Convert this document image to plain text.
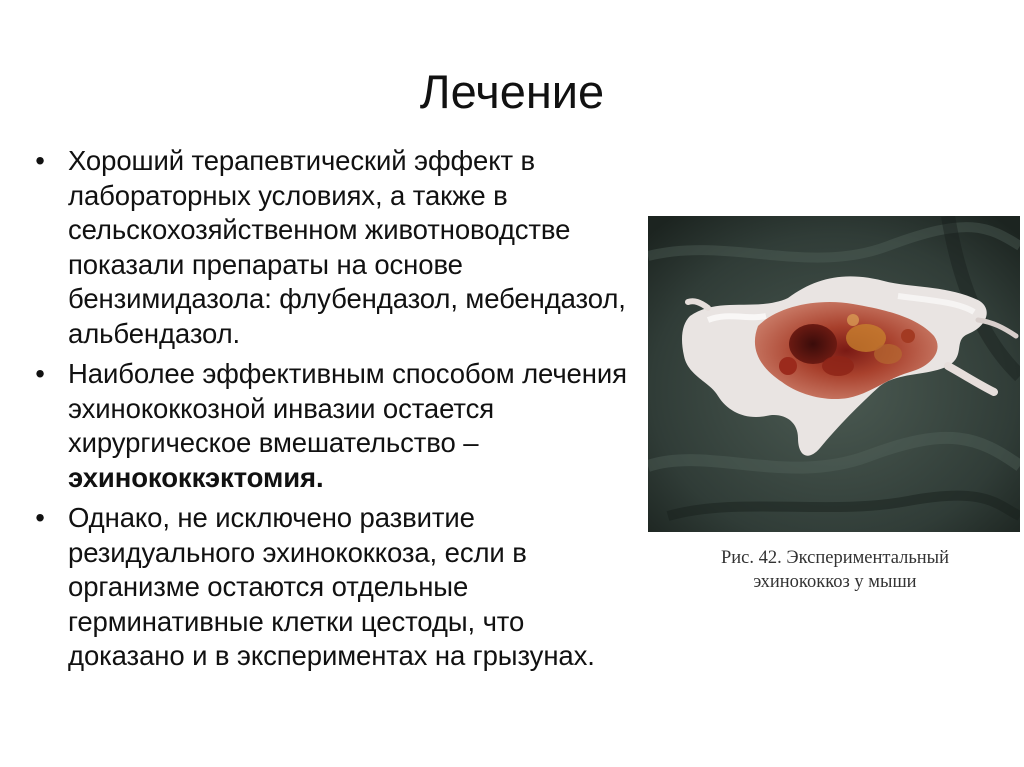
Лечение
• Хороший терапевтический эффект в лабораторных условиях, а также в сельскохозяйственном животноводстве показали препараты на основе бензимидазола: флубендазол, мебендазол, альбендазол.
• Наиболее эффективным способом лечения эхинококкозной инвазии остается хирургическое вмешательство – эхинококкэктомия.
• Однако, не исключено развитие резидуального эхинококкоза, если в организме остаются отдельные герминативные клетки цестоды, что доказано и в экспериментах на грызунах.
Рис. 42. Экспериментальный
эхинококкоз у мыши
